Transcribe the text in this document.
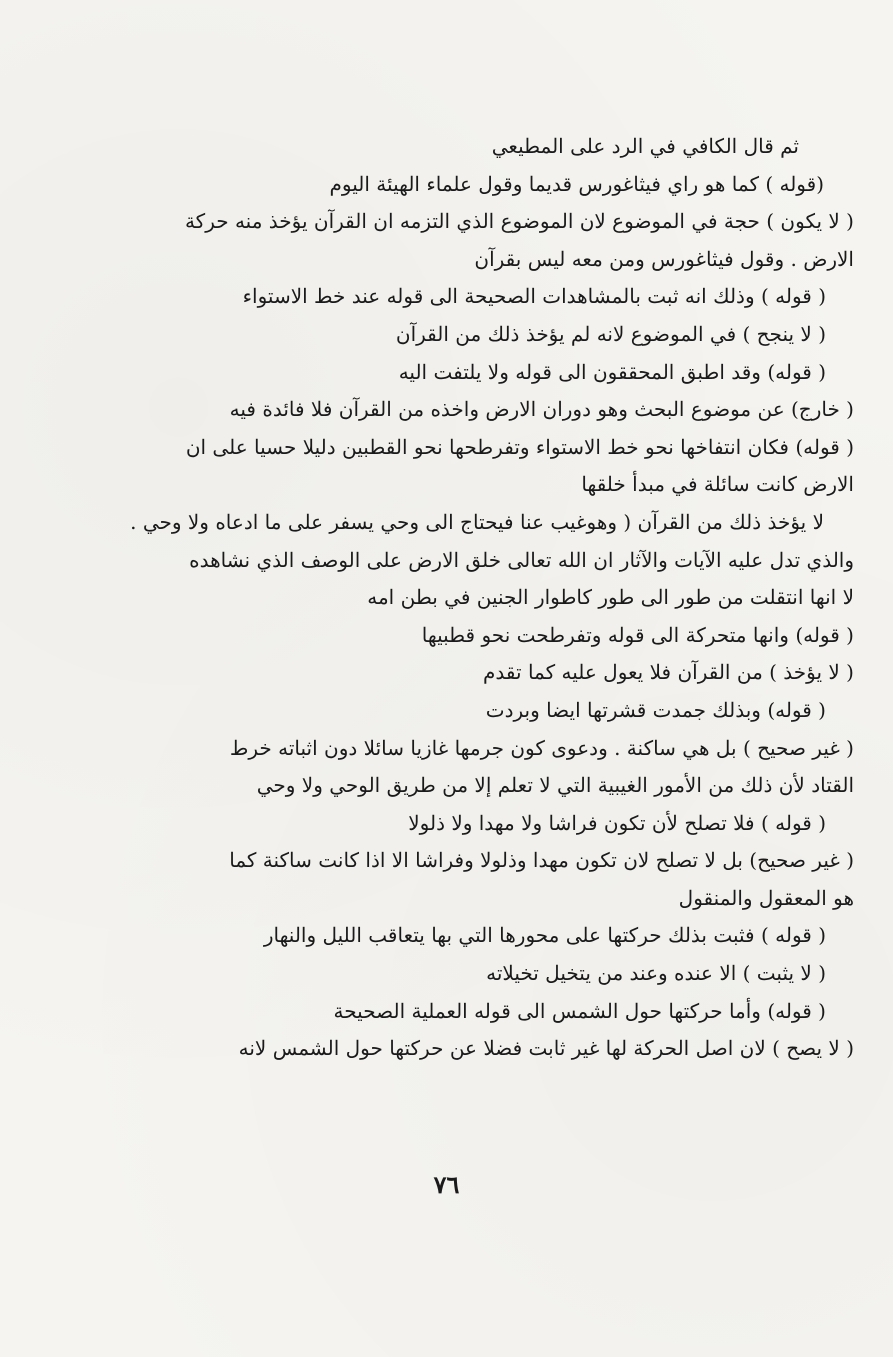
ثم قال الكافي في الرد على المطيعي
(قوله ) كما هو راي فيثاغورس قديما وقول علماء الهيئة اليوم
( لا يكون ) حجة في الموضوع لان الموضوع الذي التزمه ان القرآن يؤخذ منه حركة
الارض . وقول فيثاغورس ومن معه ليس بقرآن
( قوله ) وذلك انه ثبت بالمشاهدات الصحيحة الى قوله عند خط الاستواء
( لا ينجح ) في الموضوع لانه لم يؤخذ ذلك من القرآن
( قوله) وقد اطبق المحققون الى قوله ولا يلتفت اليه
( خارج) عن موضوع البحث وهو دوران الارض واخذه من القرآن فلا فائدة فيه
( قوله) فكان انتفاخها نحو خط الاستواء وتفرطحها نحو القطبين دليلا حسيا على ان
الارض كانت سائلة في مبدأ خلقها
لا يؤخذ ذلك من القرآن ( وهوغيب عنا فيحتاج الى وحي يسفر على ما ادعاه ولا وحي .
والذي تدل عليه الآيات والآثار ان الله تعالى خلق الارض على الوصف الذي نشاهده
لا انها انتقلت من طور الى طور كاطوار الجنين في بطن امه
( قوله) وانها متحركة الى قوله وتفرطحت نحو قطبيها
( لا يؤخذ ) من القرآن فلا يعول عليه كما تقدم
( قوله) وبذلك جمدت قشرتها ايضا وبردت
( غير صحيح ) بل هي ساكنة . ودعوى كون جرمها غازيا سائلا دون اثباته خرط
القتاد لأن ذلك من الأمور الغيبية التي لا تعلم إلا من طريق الوحي ولا وحي
( قوله ) فلا تصلح لأن تكون فراشا ولا مهدا ولا ذلولا
( غير صحيح) بل لا تصلح لان تكون مهدا وذلولا وفراشا الا اذا كانت ساكنة كما
هو المعقول والمنقول
( قوله ) فثبت بذلك حركتها على محورها التي بها يتعاقب الليل والنهار
( لا يثبت ) الا عنده وعند من يتخيل تخيلاته
( قوله) وأما حركتها حول الشمس الى قوله العملية الصحيحة
( لا يصح ) لان اصل الحركة لها غير ثابت فضلا عن حركتها حول الشمس لانه
٧٦
